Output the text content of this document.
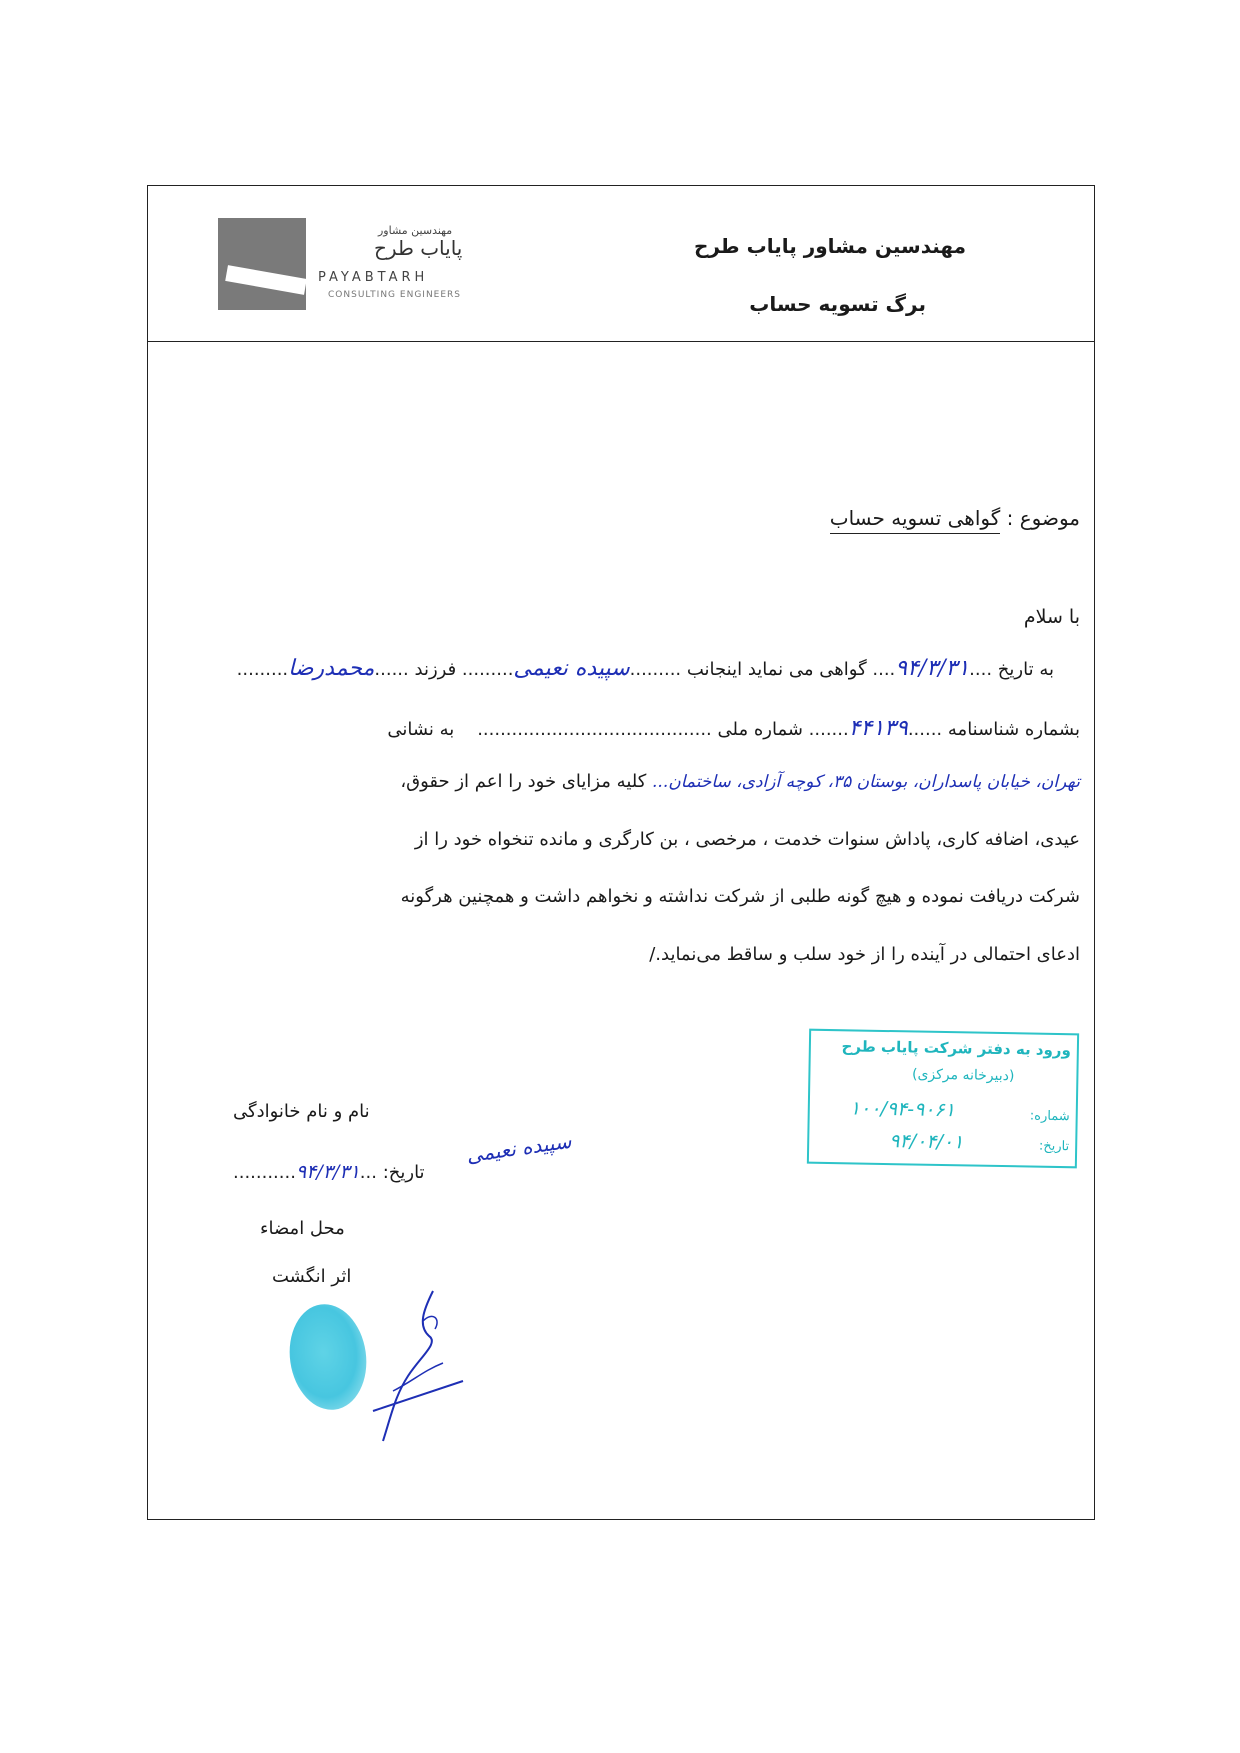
مهندسین مشاور
پایاب طرح
PAYABTARH
CONSULTING ENGINEERS
مهندسین مشاور پایاب طرح
برگ تسویه حساب
موضوع : گواهی تسویه حساب
با سلام
به تاریخ ....۹۴/۳/۳۱.... گواهی می نماید اینجانب .........سپیده نعیمی......... فرزند ......محمدرضا.........
بشماره شناسنامه ......۴۴۱۳۹....... شماره ملی .........................................    به نشانی
تهران، خیابان پاسداران، بوستان ۳۵، کوچه آزادی، ساختمان... کلیه مزایای خود را اعم از حقوق،
عیدی، اضافه کاری، پاداش سنوات خدمت ، مرخصی ، بن کارگری و مانده تنخواه خود را از
شرکت دریافت نموده و هیچ گونه طلبی از شرکت نداشته و نخواهم داشت و همچنین هرگونه
ادعای احتمالی در آینده را از خود سلب و ساقط می‌نماید./
ورود به دفتر شرکت پایاب طرح
(دبیرخانه مرکزی)
شماره:
۱۰۰/۹۴-۹۰۶۱
تاریخ:
۹۴/۰۴/۰۱
نام و نام خانوادگی
سپیده نعیمی
تاریخ: ...۹۴/۳/۳۱...........
محل امضاء
اثر انگشت
